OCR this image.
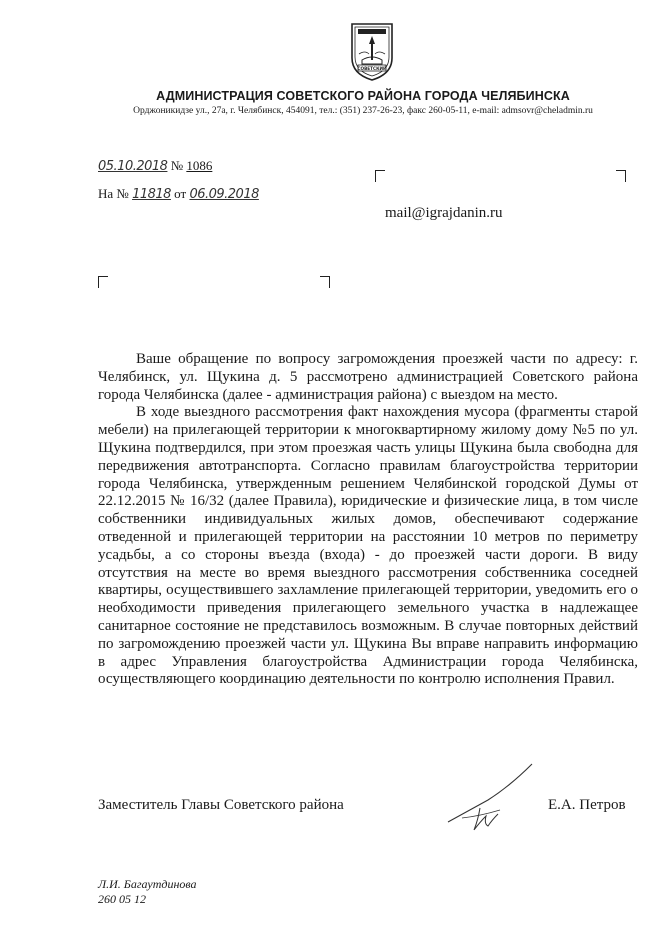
СОВЕТСКИЙ
АДМИНИСТРАЦИЯ СОВЕТСКОГО РАЙОНА ГОРОДА ЧЕЛЯБИНСКА
Орджоникидзе ул., 27а, г. Челябинск, 454091, тел.: (351) 237-26-23, факс 260-05-11, e-mail: admsovr@cheladmin.ru
05.10.2018 № 1086
На № 11818 от 06.09.2018
mail@igrajdanin.ru

Ваше обращение по вопросу загромождения проезжей части по адресу: г. Челябинск, ул. Щукина д. 5 рассмотрено администрацией Советского района города Челябинска (далее - администрация района) с выездом на место.

В ходе выездного рассмотрения факт нахождения мусора (фрагменты старой мебели) на прилегающей территории к многоквартирному жилому дому №5 по ул. Щукина подтвердился, при этом проезжая часть улицы Щукина была свободна для передвижения автотранспорта. Согласно правилам благоустройства территории города Челябинска, утвержденным решением Челябинской городской Думы от 22.12.2015 № 16/32 (далее Правила), юридические и физические лица, в том числе собственники индивидуальных жилых домов, обеспечивают содержание отведенной и прилегающей территории на расстоянии 10 метров по периметру усадьбы, а со стороны въезда (входа) - до проезжей части дороги. В виду отсутствия на месте во время выездного рассмотрения собственника соседней квартиры, осуществившего захламление прилегающей территории, уведомить его о необходимости приведения прилегающего земельного участка в надлежащее санитарное состояние не представилось возможным. В случае повторных действий по загромождению проезжей части ул. Щукина Вы вправе направить информацию в адрес Управления благоустройства Администрации города Челябинска, осуществляющего координацию деятельности по контролю исполнения Правил.

Заместитель Главы Советского района	Е.А. Петров
Л.И. Багаутдинова
260 05 12
